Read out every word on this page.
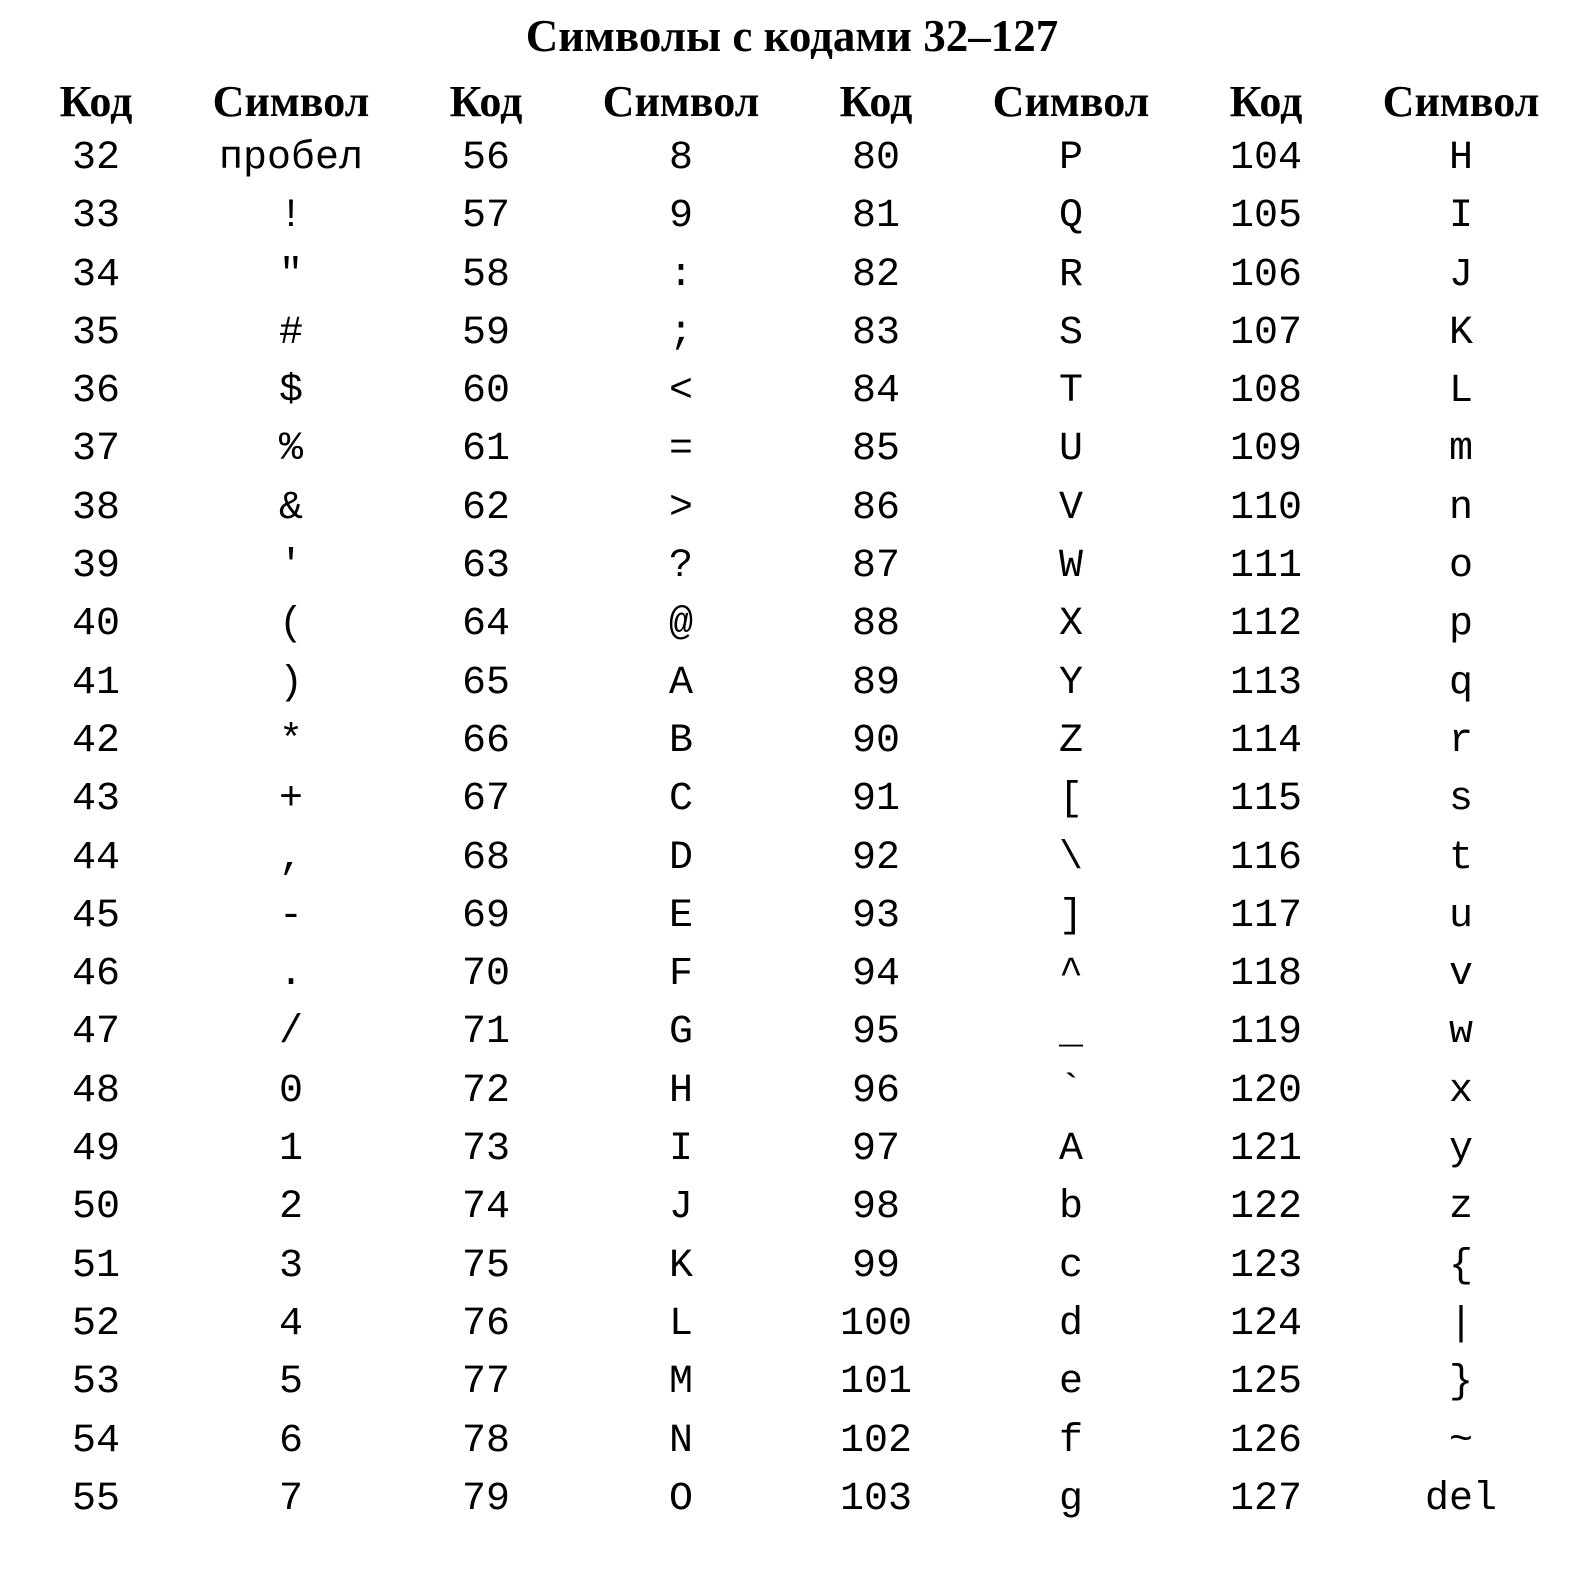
Символы с кодами 32–127
Код Символ Код Символ Код Символ Код Символ
32 пробел 56	8	80	P	104	H
33	!	57	9	81	Q	105	I
34	"	58	:	82	R	106	J
35	#	59	;	83	S	107	K
36	$	60	<	84	T	108	L
37	%	61	=	85	U	109	m
38	&	62	>	86	V	110	n
39	'	63	?	87	W	111	o
40	(	64	@	88	X	112	p
41	)	65	A	89	Y	113	q
42	*	66	B	90	Z	114	r
43	+	67	C	91	[	115	s
44	,	68	D	92	\	116	t
45	-	69	E	93	]	117	u
46	.	70	F	94	^	118	v
47	/	71	G	95	_	119	w
48	0	72	H	96	`	120	x
49	1	73	I	97	A	121	y
50	2	74	J	98	b	122	z
51	3	75	K	99	c	123	{
52	4	76	L	100	d	124	|
53	5	77	M	101	e	125	}
54	6	78	N	102	f	126	~
55	7	79	O	103	g	127	del
